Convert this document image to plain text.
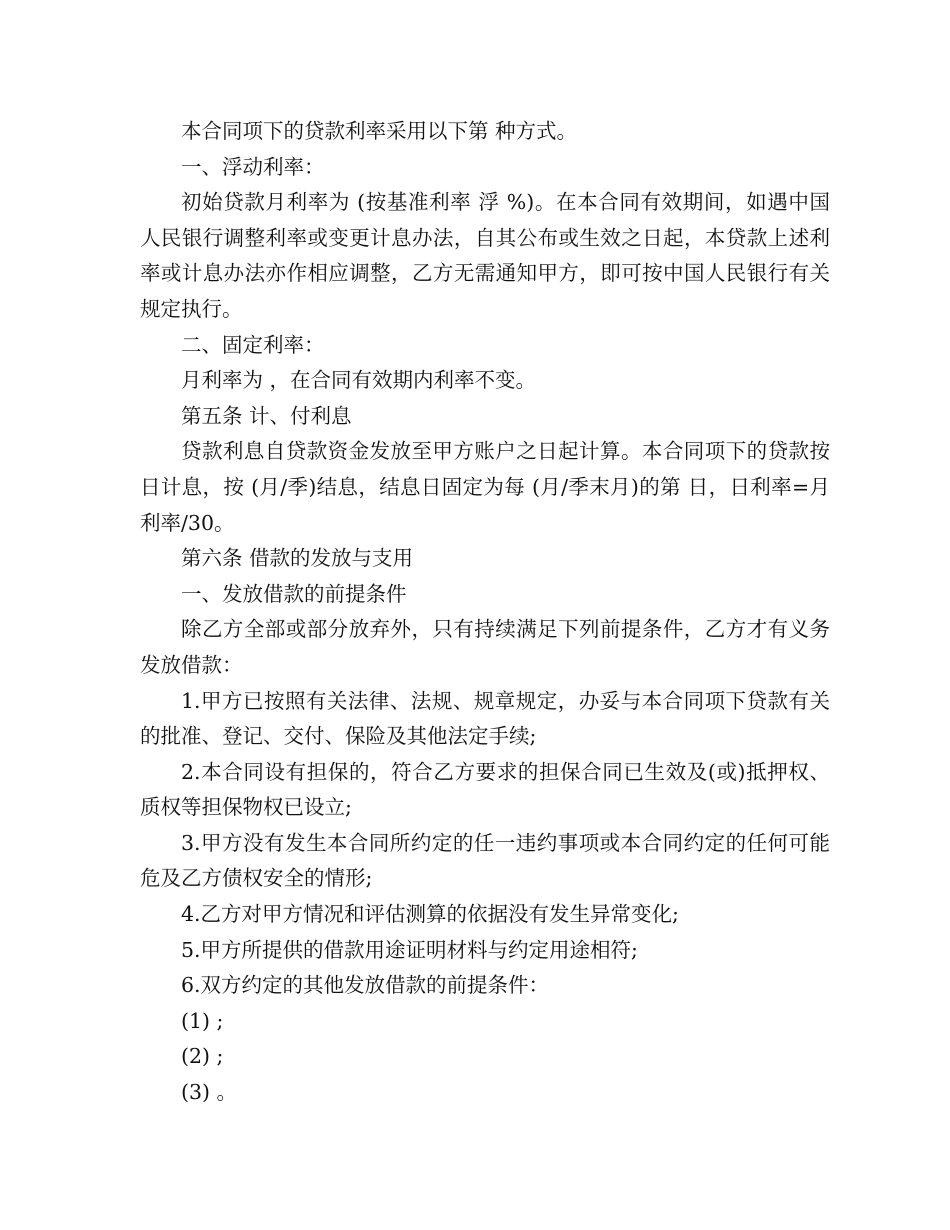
本合同项下的贷款利率采用以下第 种方式。

一、浮动利率：

初始贷款月利率为 (按基准利率 浮 %)。在本合同有效期间，如遇中国人民银行调整利率或变更计息办法，自其公布或生效之日起，本贷款上述利率或计息办法亦作相应调整，乙方无需通知甲方，即可按中国人民银行有关规定执行。

二、固定利率：

月利率为 ，在合同有效期内利率不变。

第五条 计、付利息

贷款利息自贷款资金发放至甲方账户之日起计算。本合同项下的贷款按日计息，按 (月/季)结息，结息日固定为每 (月/季末月)的第 日，日利率=月利率/30。

第六条 借款的发放与支用

一、发放借款的前提条件

除乙方全部或部分放弃外，只有持续满足下列前提条件，乙方才有义务发放借款：

1.甲方已按照有关法律、法规、规章规定，办妥与本合同项下贷款有关的批准、登记、交付、保险及其他法定手续;

2.本合同设有担保的，符合乙方要求的担保合同已生效及(或)抵押权、质权等担保物权已设立;

3.甲方没有发生本合同所约定的任一违约事项或本合同约定的任何可能危及乙方债权安全的情形;

4.乙方对甲方情况和评估测算的依据没有发生异常变化;

5.甲方所提供的借款用途证明材料与约定用途相符;

6.双方约定的其他发放借款的前提条件：

(1) ;

(2) ;

(3) 。
